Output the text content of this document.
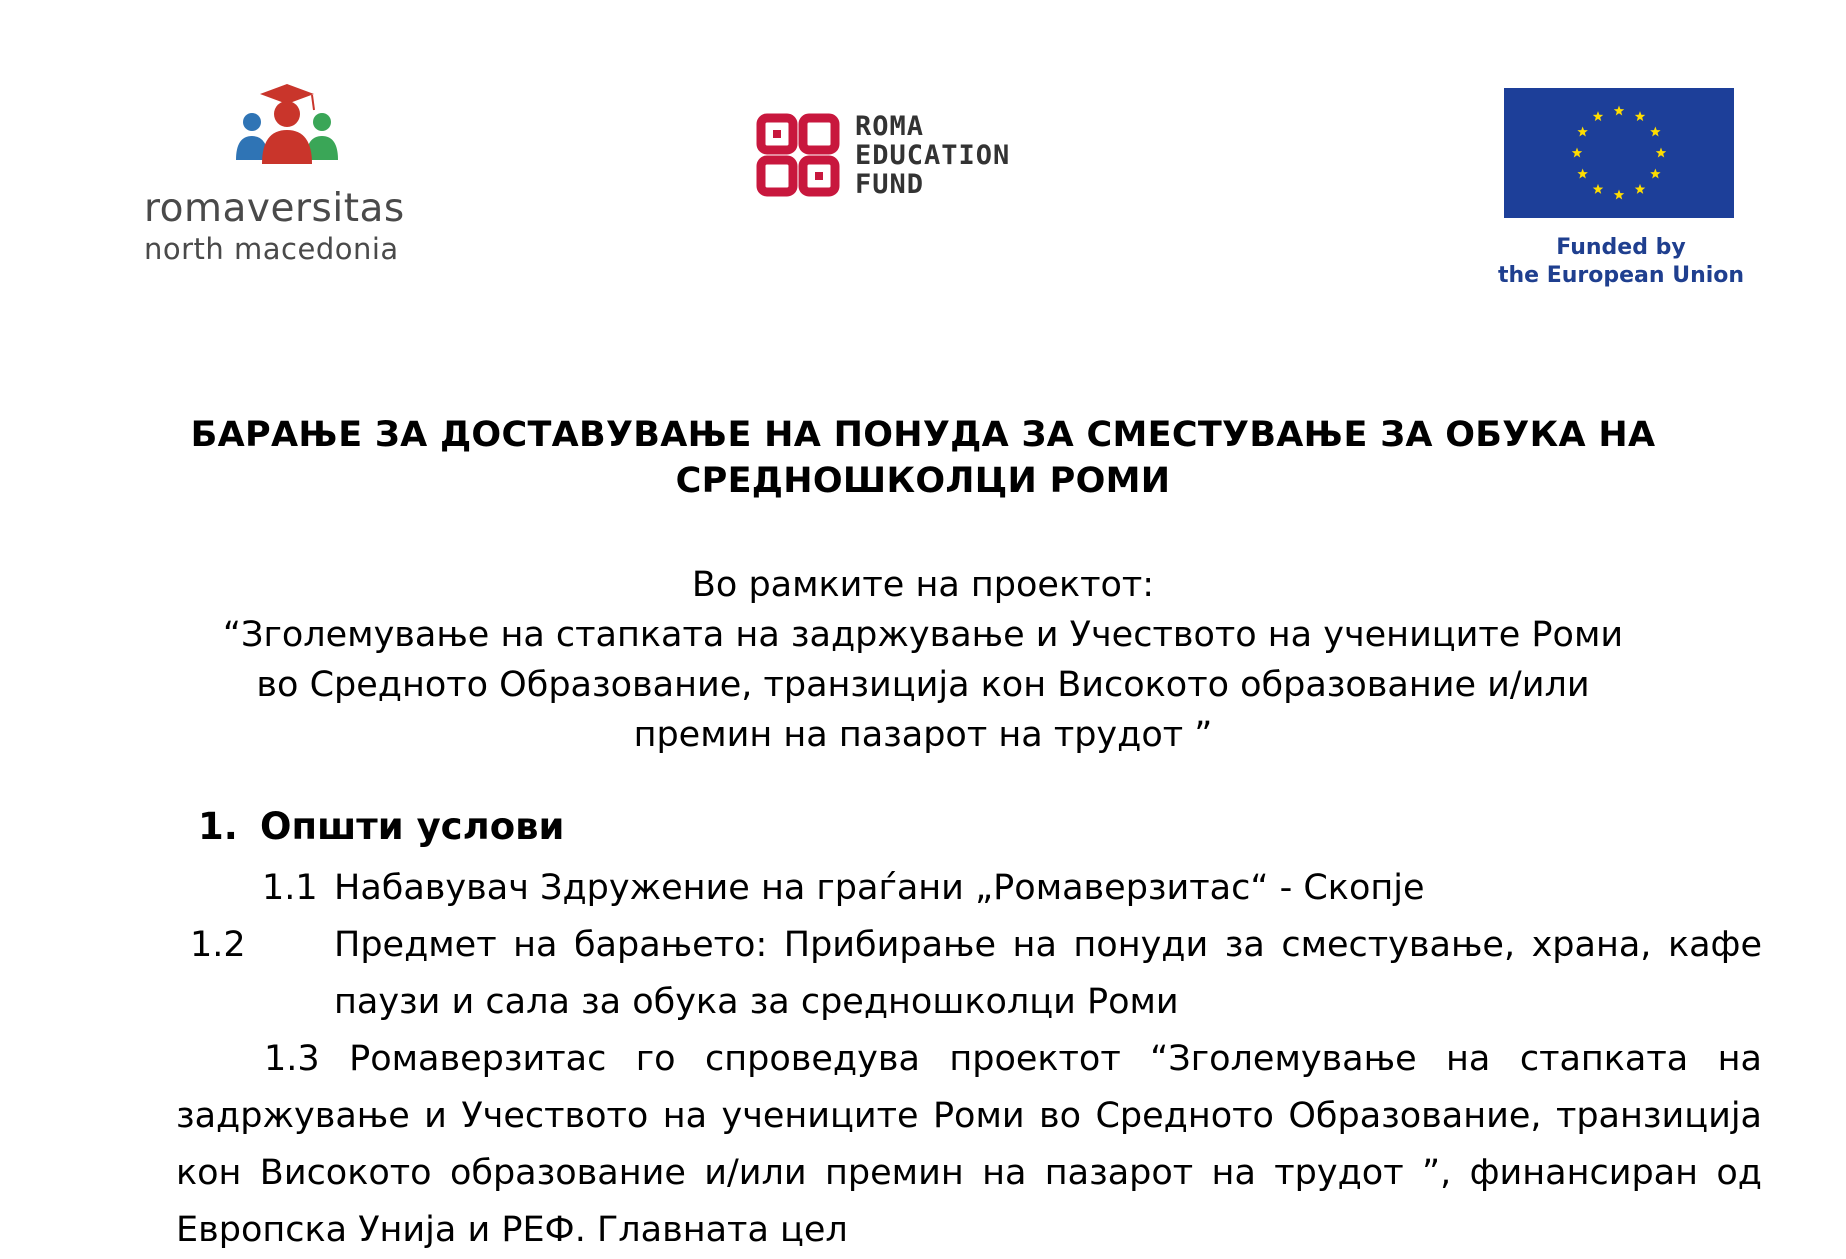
romaversitas
north macedonia
ROMA
EDUCATION
FUND
Funded by
the European Union
БАРАЊЕ ЗА ДОСТАВУВАЊЕ НА ПОНУДА ЗА СМЕСТУВАЊЕ ЗА ОБУКА НА
СРЕДНОШКОЛЦИ РОМИ
Во рамките на проектот:
“Зголемување на стапката на задржување и Учеството на учениците Роми
во Средното Образование, транзиција кон Високото образование и/или
премин на пазарот на трудот ”
1. Општи услови
1.1 Набавувач Здружение на граѓани „Ромаверзитас“ - Скопје
1.2	Предмет на барањето: Прибирање на понуди за сместување, храна, кафе паузи и сала за обука за средношколци Роми
1.3 Ромаверзитас го спроведува проектот “Зголемување на стапката на задржување и Учеството на учениците Роми во Средното Образование, транзиција кон Високото образование и/или премин на пазарот на трудот ”, финансиран од Европска Унија и РЕФ. Главната цел
